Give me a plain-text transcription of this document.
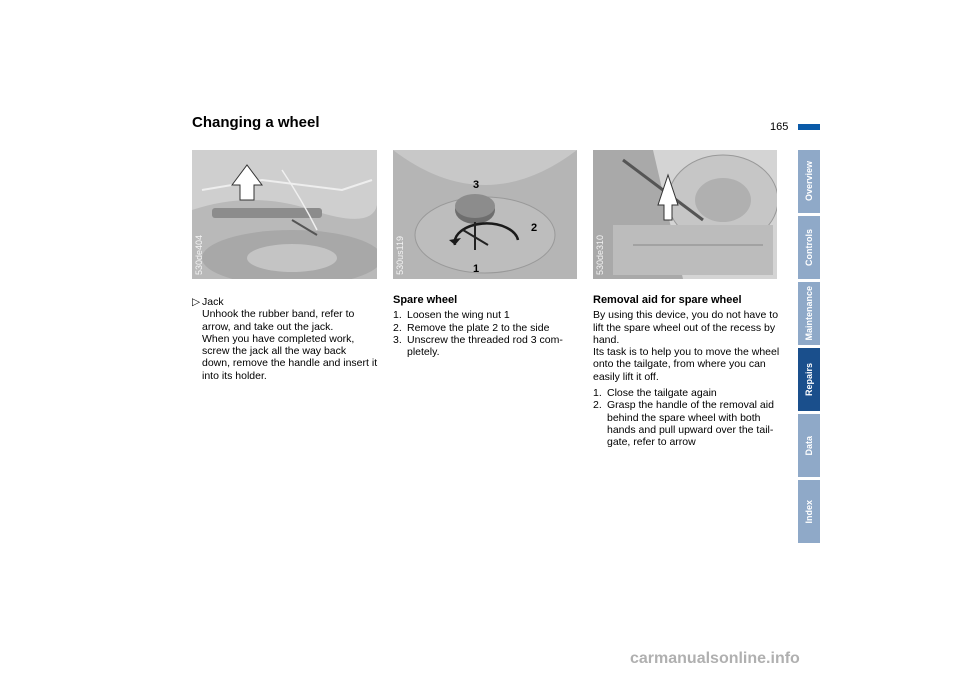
Changing a wheel	165
530de404
3
2
1
530us119	530de310
▷ Jack
Unhook the rubber band, refer to
arrow, and take out the jack.
When you have completed work,
screw the jack all the way back
down, remove the handle and insert it
into its holder.
Spare wheel
1. Loosen the wing nut 1
2. Remove the plate 2 to the side
3. Unscrew the threaded rod 3 com-
pletely.
Removal aid for spare wheel

By using this device, you do not have to
lift the spare wheel out of the recess by
hand.
Its task is to help you to move the wheel
onto the tailgate, from where you can
easily lift it off.

1. Close the tailgate again
2. Grasp the handle of the removal aid
behind the spare wheel with both
hands and pull upward over the tail-
gate, refer to arrow
Overview
Controls
Maintenance
Repairs
Data
Index
carmanualsonline.info
